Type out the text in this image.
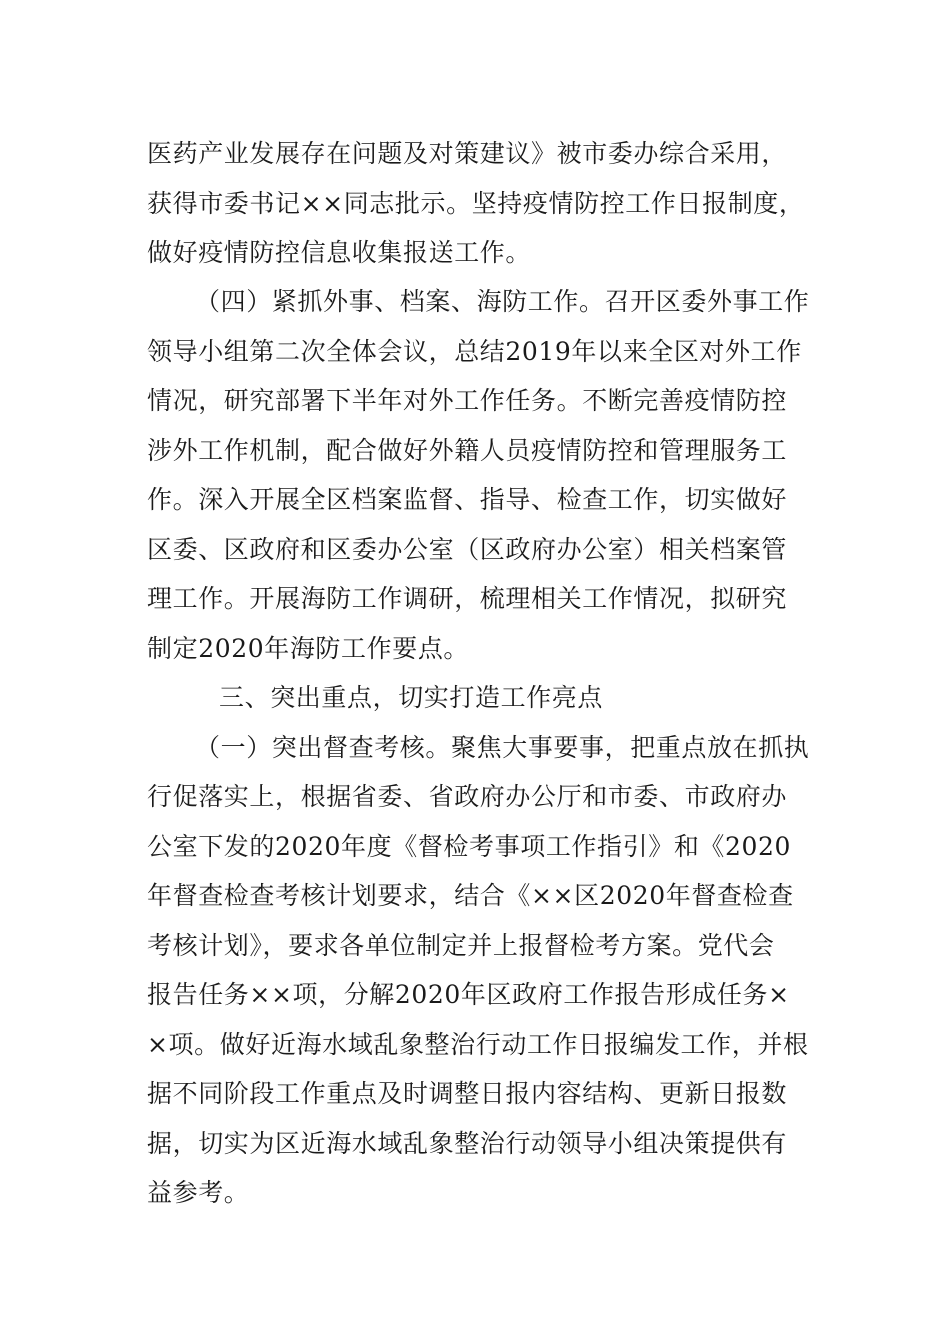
医药产业发展存在问题及对策建议》被市委办综合采用，
获得市委书记××同志批示。坚持疫情防控工作日报制度，
做好疫情防控信息收集报送工作。
（四）紧抓外事、档案、海防工作。召开区委外事工作
领导小组第二次全体会议，总结2019年以来全区对外工作
情况，研究部署下半年对外工作任务。不断完善疫情防控
涉外工作机制，配合做好外籍人员疫情防控和管理服务工
作。深入开展全区档案监督、指导、检查工作，切实做好
区委、区政府和区委办公室（区政府办公室）相关档案管
理工作。开展海防工作调研，梳理相关工作情况，拟研究
制定2020年海防工作要点。
三、突出重点，切实打造工作亮点
（一）突出督查考核。聚焦大事要事，把重点放在抓执
行促落实上，根据省委、省政府办公厅和市委、市政府办
公室下发的2020年度《督检考事项工作指引》和《2020
年督查检查考核计划要求，结合《××区2020年督查检查
考核计划》，要求各单位制定并上报督检考方案。党代会
报告任务××项，分解2020年区政府工作报告形成任务×
×项。做好近海水域乱象整治行动工作日报编发工作，并根
据不同阶段工作重点及时调整日报内容结构、更新日报数
据，切实为区近海水域乱象整治行动领导小组决策提供有
益参考。
